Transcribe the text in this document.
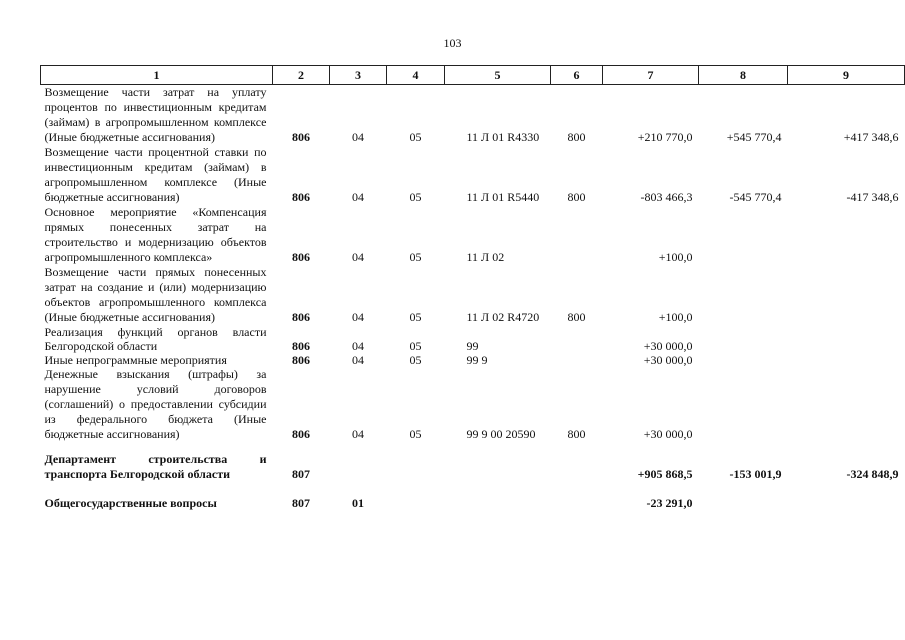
103
1	2	3	4	5	6	7	8	9
Возмещение части затрат на уплату процентов по инвестиционным кредитам (займам) в агропромышленном комплексе (Иные бюджетные ассигнования)	806	04	05	11 Л 01 R4330	800	+210 770,0	+545 770,4	+417 348,6
Возмещение части процентной ставки по инвестиционным кредитам (займам) в агропромышленном комплексе (Иные бюджетные ассигнования)	806	04	05	11 Л 01 R5440	800	-803 466,3	-545 770,4	-417 348,6
Основное мероприятие «Компенсация прямых понесенных затрат на строительство и модернизацию объектов агропромышленного комплекса»	806	04	05	11 Л 02		+100,0		
Возмещение части прямых понесенных затрат на создание и (или) модернизацию объектов агропромышленного комплекса (Иные бюджетные ассигнования)	806	04	05	11 Л 02 R4720	800	+100,0		
Реализация функций органов власти Белгородской области	806	04	05	99		+30 000,0		
Иные непрограммные мероприятия	806	04	05	99 9		+30 000,0		
Денежные взыскания (штрафы) за нарушение условий договоров (соглашений) о предоставлении субсидии из федерального бюджета (Иные бюджетные ассигнования)	806	04	05	99 9 00 20590	800	+30 000,0		
Департамент строительства и транспорта Белгородской области	807					+905 868,5	-153 001,9	-324 848,9
Общегосударственные вопросы	807	01				-23 291,0		
